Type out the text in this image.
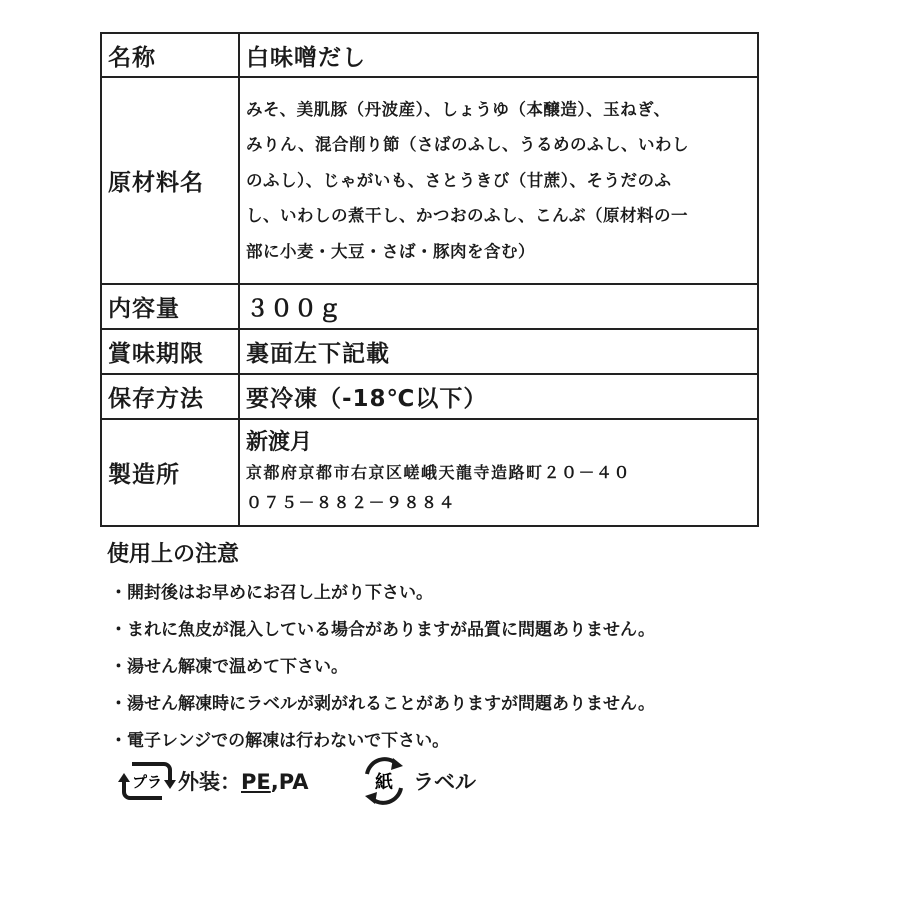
名称	白味噌だし
原材料名	みそ、美肌豚（丹波産）、しょうゆ（本醸造）、玉ねぎ、
みりん、混合削り節（さばのふし、うるめのふし、いわし
のふし）、じゃがいも、さとうきび（甘蔗）、そうだのふ
し、いわしの煮干し、かつおのふし、こんぶ（原材料の一
部に小麦・大豆・さば・豚肉を含む）

内容量	３００ｇ
賞味期限	裏面左下記載
保存方法	要冷凍（-18℃以下）
製造所	新渡月
京都府京都市右京区嵯峨天龍寺造路町２０－４０
０７５－８８２－９８８４
使用上の注意
・開封後はお早めにお召し上がり下さい。
・まれに魚皮が混入している場合がありますが品質に問題ありません。
・湯せん解凍で温めて下さい。
・湯せん解凍時にラベルが剥がれることがありますが問題ありません。
・電子レンジでの解凍は行わないで下さい。
プラ 外装：PE,PA	紙 ラベル
